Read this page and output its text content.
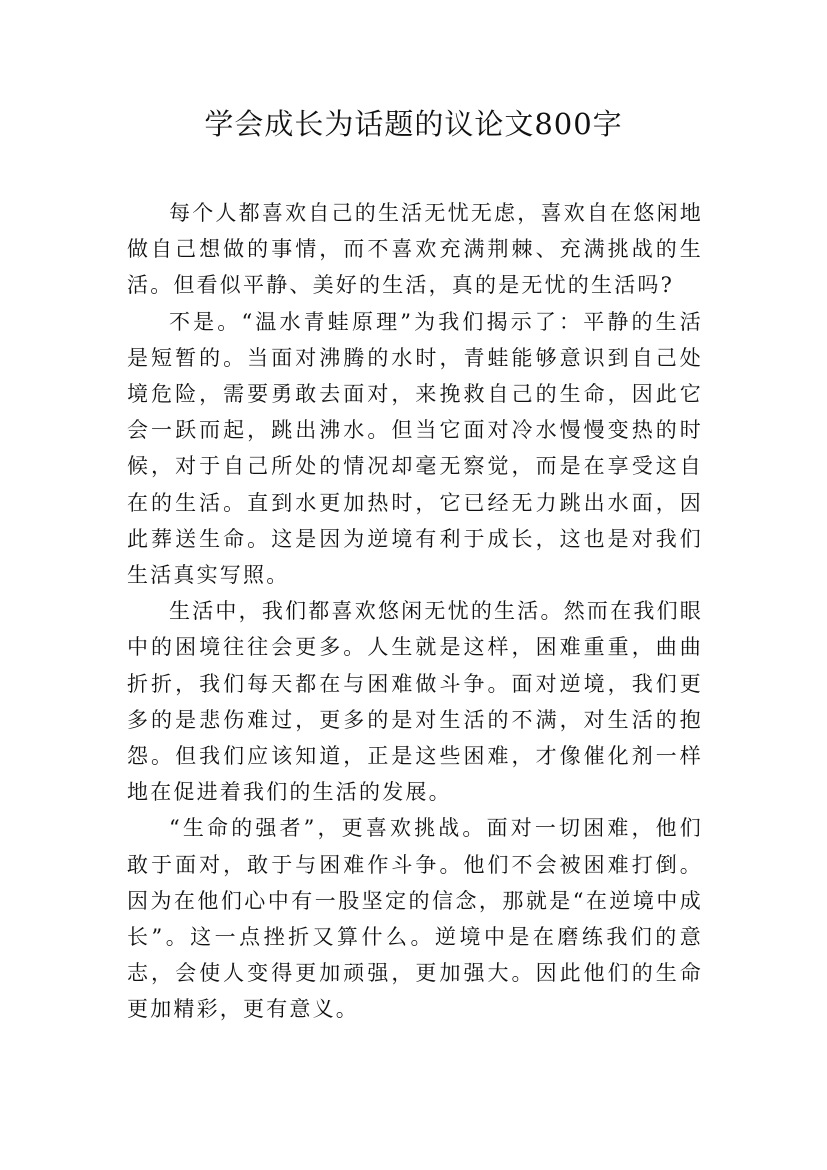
学会成长为话题的议论文800字

每个人都喜欢自己的生活无忧无虑，喜欢自在悠闲地做自己想做的事情，而不喜欢充满荆棘、充满挑战的生活。但看似平静、美好的生活，真的是无忧的生活吗?

不是。“温水青蛙原理”为我们揭示了：平静的生活是短暂的。当面对沸腾的水时，青蛙能够意识到自己处境危险，需要勇敢去面对，来挽救自己的生命，因此它会一跃而起，跳出沸水。但当它面对冷水慢慢变热的时候，对于自己所处的情况却毫无察觉，而是在享受这自在的生活。直到水更加热时，它已经无力跳出水面，因此葬送生命。这是因为逆境有利于成长，这也是对我们生活真实写照。

生活中，我们都喜欢悠闲无忧的生活。然而在我们眼中的困境往往会更多。人生就是这样，困难重重，曲曲折折，我们每天都在与困难做斗争。面对逆境，我们更多的是悲伤难过，更多的是对生活的不满，对生活的抱怨。但我们应该知道，正是这些困难，才像催化剂一样地在促进着我们的生活的发展。

“生命的强者”，更喜欢挑战。面对一切困难，他们敢于面对，敢于与困难作斗争。他们不会被困难打倒。因为在他们心中有一股坚定的信念，那就是“在逆境中成长”。这一点挫折又算什么。逆境中是在磨练我们的意志，会使人变得更加顽强，更加强大。因此他们的生命更加精彩，更有意义。
